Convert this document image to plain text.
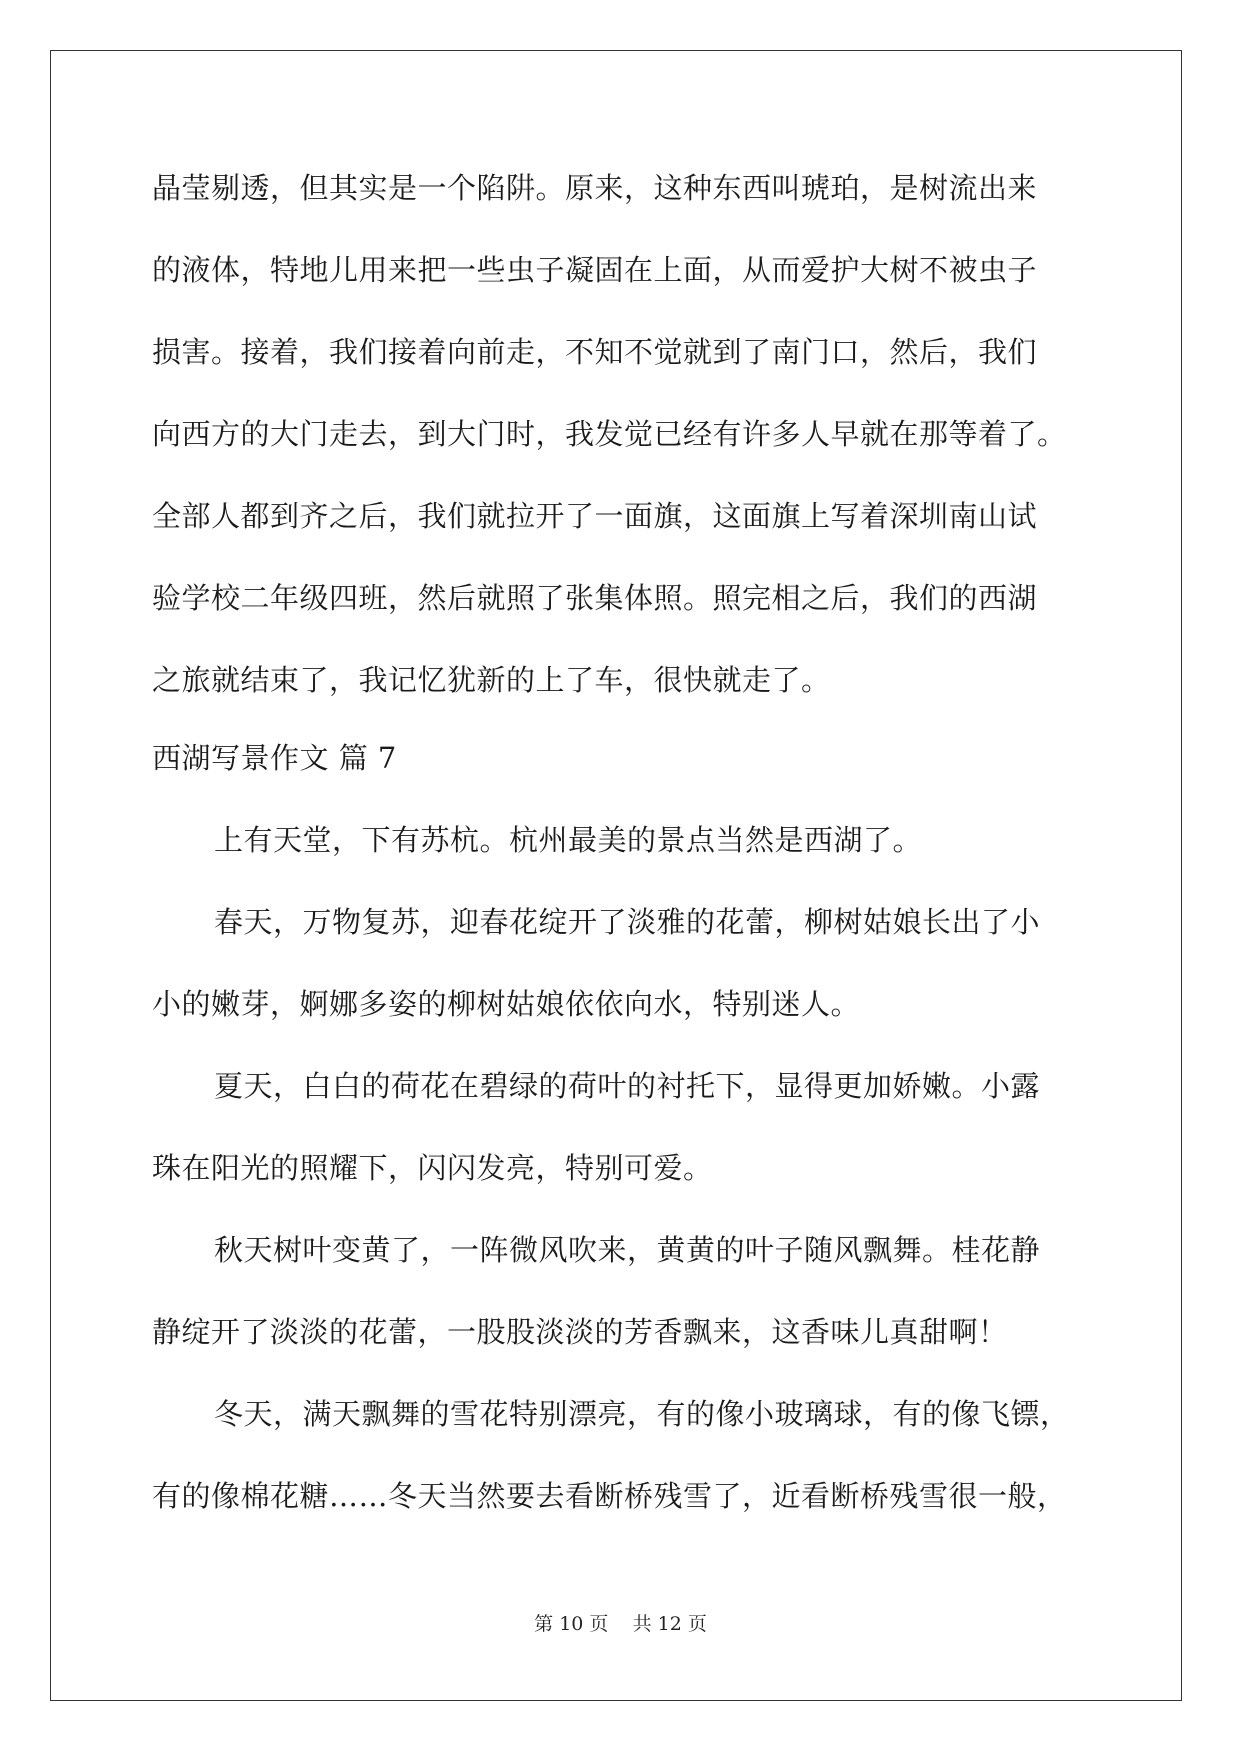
晶莹剔透，但其实是一个陷阱。原来，这种东西叫琥珀，是树流出来
的液体，特地儿用来把一些虫子凝固在上面，从而爱护大树不被虫子
损害。接着，我们接着向前走，不知不觉就到了南门口，然后，我们
向西方的大门走去，到大门时，我发觉已经有许多人早就在那等着了。
全部人都到齐之后，我们就拉开了一面旗，这面旗上写着深圳南山试
验学校二年级四班，然后就照了张集体照。照完相之后，我们的西湖
之旅就结束了，我记忆犹新的上了车，很快就走了。
西湖写景作文 篇 7
上有天堂，下有苏杭。杭州最美的景点当然是西湖了。
春天，万物复苏，迎春花绽开了淡雅的花蕾，柳树姑娘长出了小
小的嫩芽，婀娜多姿的柳树姑娘依依向水，特别迷人。
夏天，白白的荷花在碧绿的荷叶的衬托下，显得更加娇嫩。小露
珠在阳光的照耀下，闪闪发亮，特别可爱。
秋天树叶变黄了，一阵微风吹来，黄黄的叶子随风飘舞。桂花静
静绽开了淡淡的花蕾，一股股淡淡的芳香飘来，这香味儿真甜啊！
冬天，满天飘舞的雪花特别漂亮，有的像小玻璃球，有的像飞镖，
有的像棉花糖……冬天当然要去看断桥残雪了，近看断桥残雪很一般，
第 10 页    共 12 页
